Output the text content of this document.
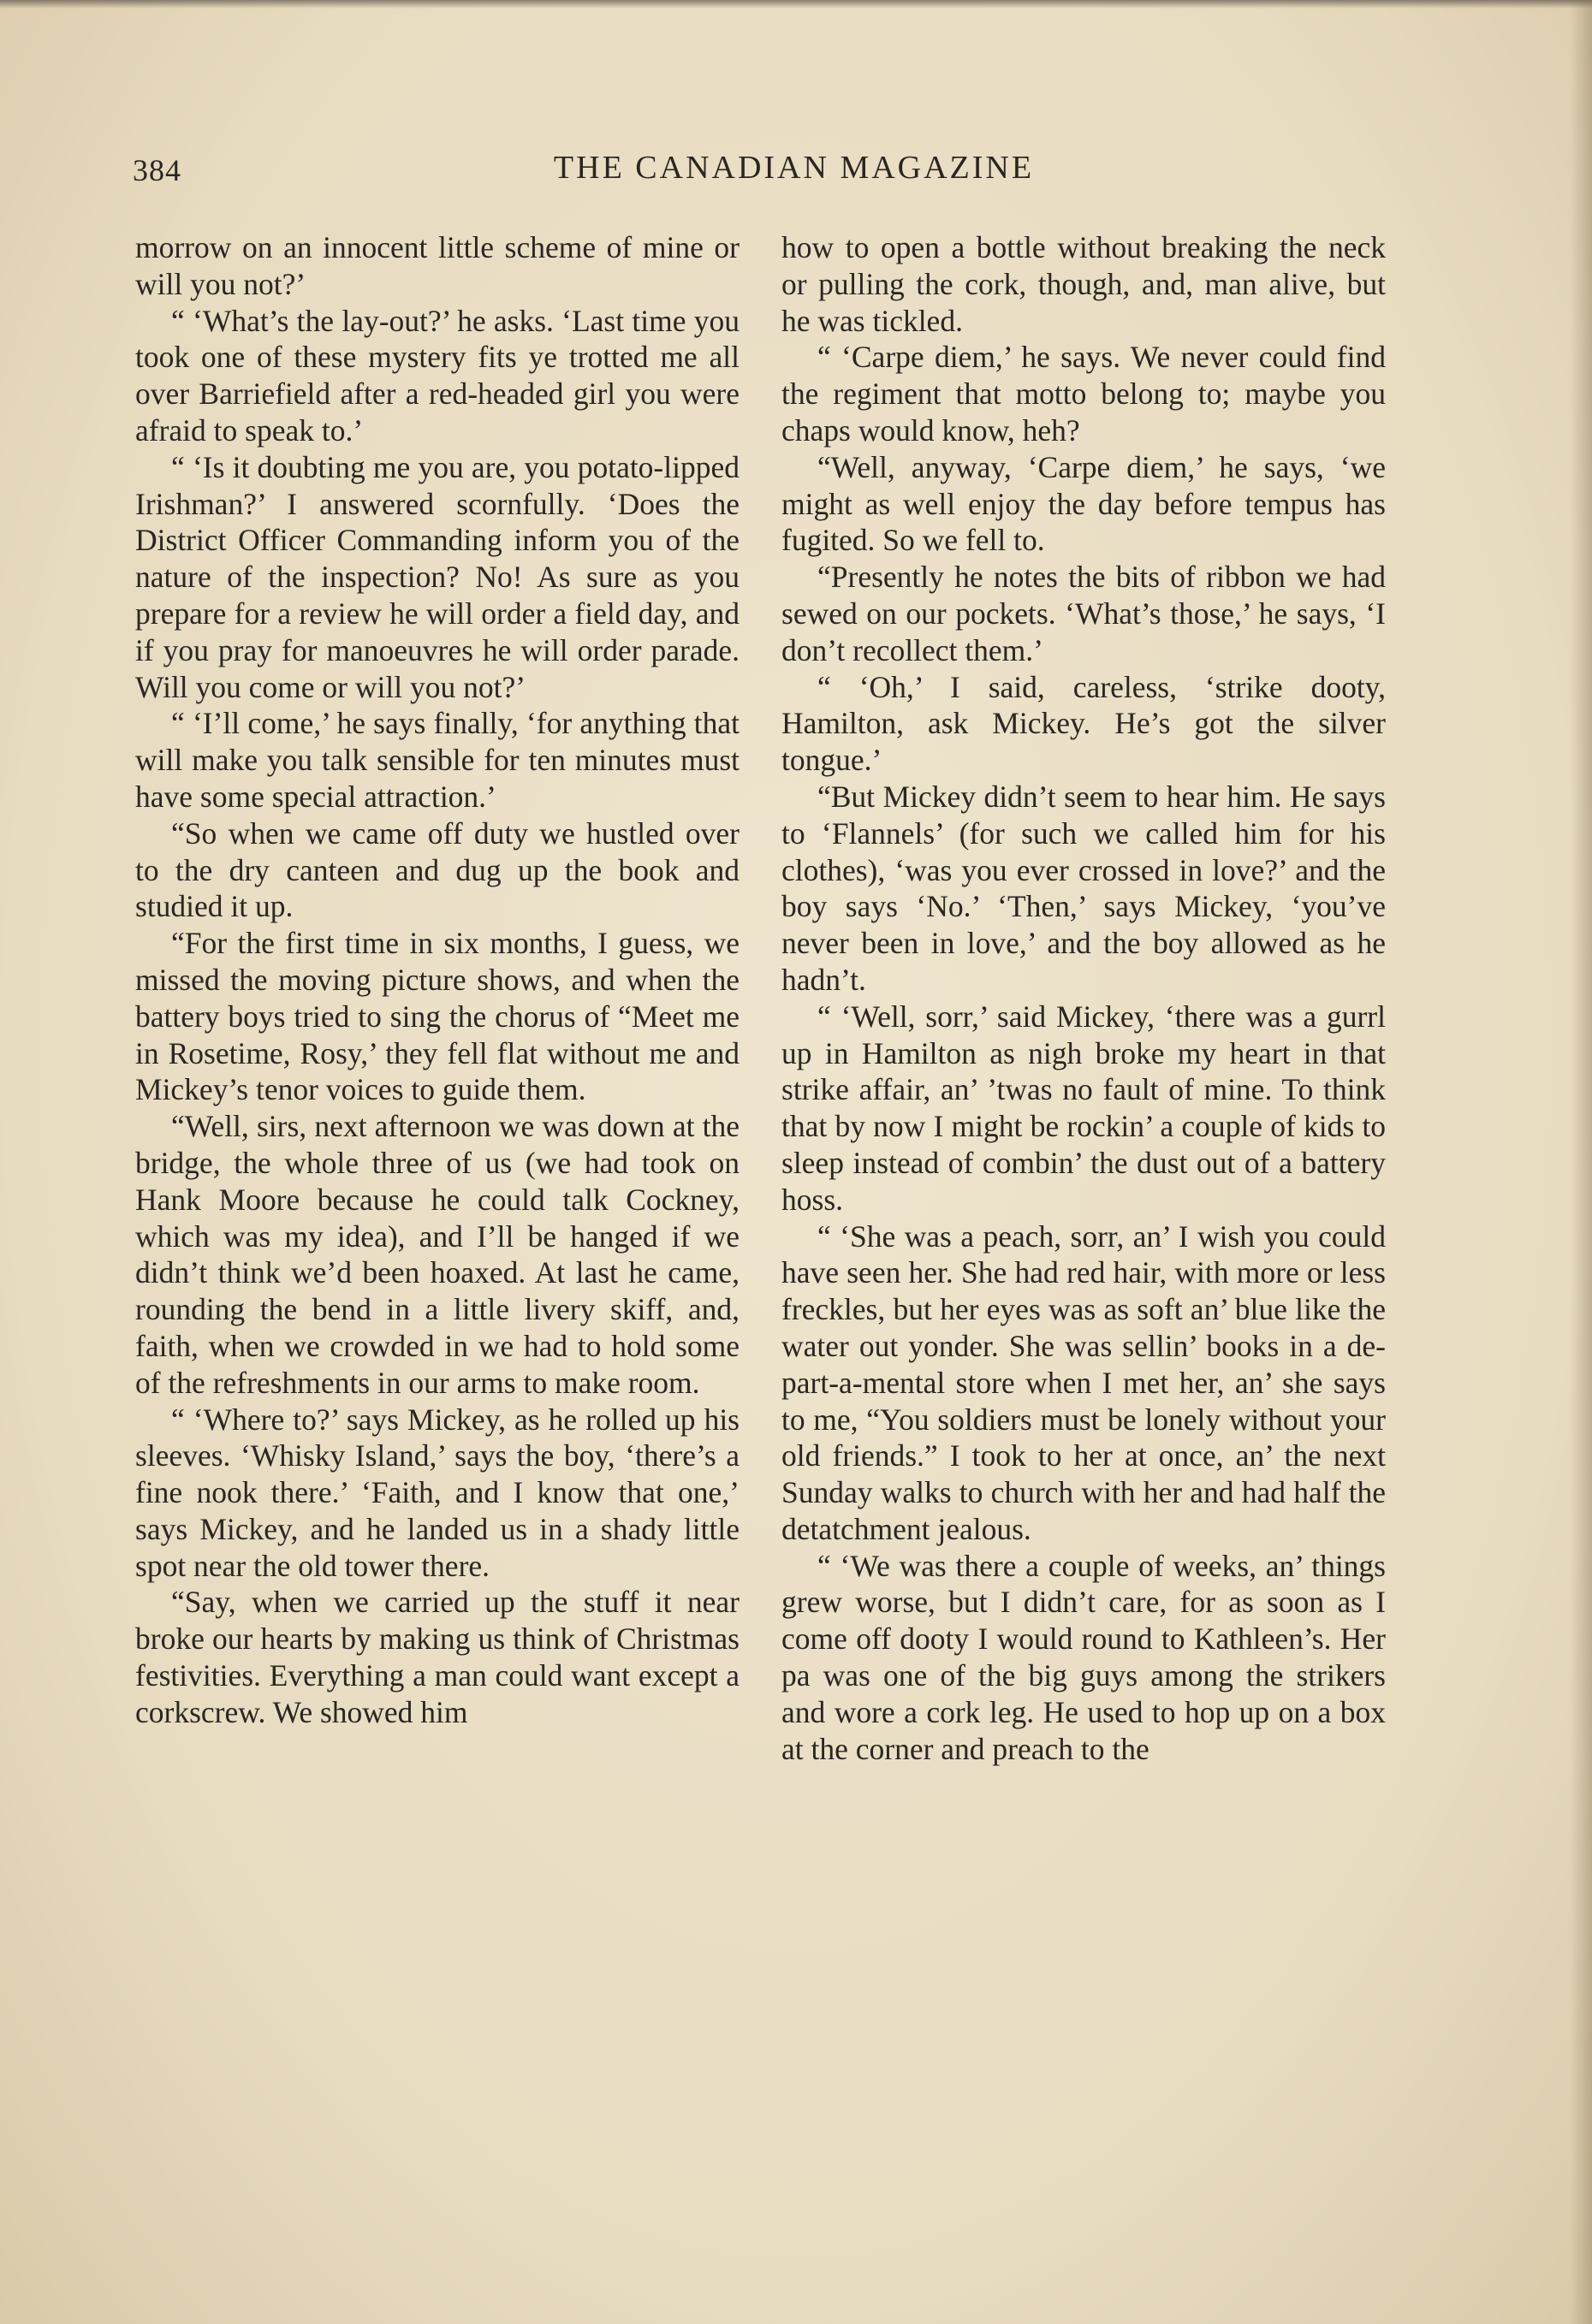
384	THE CANADIAN MAGAZINE

morrow on an innocent little scheme of mine or will you not?’

“ ‘What’s the lay-out?’ he asks. ‘Last time you took one of these mystery fits ye trotted me all over Barriefield after a red-headed girl you were afraid to speak to.’

“ ‘Is it doubting me you are, you potato-lipped Irishman?’ I answered scornfully. ‘Does the District Officer Commanding inform you of the nature of the inspection? No! As sure as you prepare for a review he will order a field day, and if you pray for manoeuvres he will order parade. Will you come or will you not?’

“ ‘I’ll come,’ he says finally, ‘for anything that will make you talk sensible for ten minutes must have some special attraction.’

“So when we came off duty we hustled over to the dry canteen and dug up the book and studied it up.

“For the first time in six months, I guess, we missed the moving picture shows, and when the battery boys tried to sing the chorus of “Meet me in Rosetime, Rosy,’ they fell flat without me and Mickey’s tenor voices to guide them.

“Well, sirs, next afternoon we was down at the bridge, the whole three of us (we had took on Hank Moore because he could talk Cockney, which was my idea), and I’ll be hanged if we didn’t think we’d been hoaxed. At last he came, rounding the bend in a little livery skiff, and, faith, when we crowded in we had to hold some of the refreshments in our arms to make room.

“ ‘Where to?’ says Mickey, as he rolled up his sleeves. ‘Whisky Island,’ says the boy, ‘there’s a fine nook there.’ ‘Faith, and I know that one,’ says Mickey, and he landed us in a shady little spot near the old tower there.

“Say, when we carried up the stuff it near broke our hearts by making us think of Christmas festivities. Everything a man could want except a corkscrew. We showed him

how to open a bottle without breaking the neck or pulling the cork, though, and, man alive, but he was tickled.

“ ‘Carpe diem,’ he says. We never could find the regiment that motto belong to; maybe you chaps would know, heh?

“Well, anyway, ‘Carpe diem,’ he says, ‘we might as well enjoy the day before tempus has fugited. So we fell to.

“Presently he notes the bits of ribbon we had sewed on our pockets. ‘What’s those,’ he says, ‘I don’t recollect them.’

“ ‘Oh,’ I said, careless, ‘strike dooty, Hamilton, ask Mickey. He’s got the silver tongue.’

“But Mickey didn’t seem to hear him. He says to ‘Flannels’ (for such we called him for his clothes), ‘was you ever crossed in love?’ and the boy says ‘No.’ ‘Then,’ says Mickey, ‘you’ve never been in love,’ and the boy allowed as he hadn’t.

“ ‘Well, sorr,’ said Mickey, ‘there was a gurrl up in Hamilton as nigh broke my heart in that strike affair, an’ ’twas no fault of mine. To think that by now I might be rockin’ a couple of kids to sleep instead of combin’ the dust out of a battery hoss.

“ ‘She was a peach, sorr, an’ I wish you could have seen her. She had red hair, with more or less freckles, but her eyes was as soft an’ blue like the water out yonder. She was sellin’ books in a de-part-a-mental store when I met her, an’ she says to me, “You soldiers must be lonely without your old friends.” I took to her at once, an’ the next Sunday walks to church with her and had half the detatchment jealous.

“ ‘We was there a couple of weeks, an’ things grew worse, but I didn’t care, for as soon as I come off dooty I would round to Kathleen’s. Her pa was one of the big guys among the strikers and wore a cork leg. He used to hop up on a box at the corner and preach to the
